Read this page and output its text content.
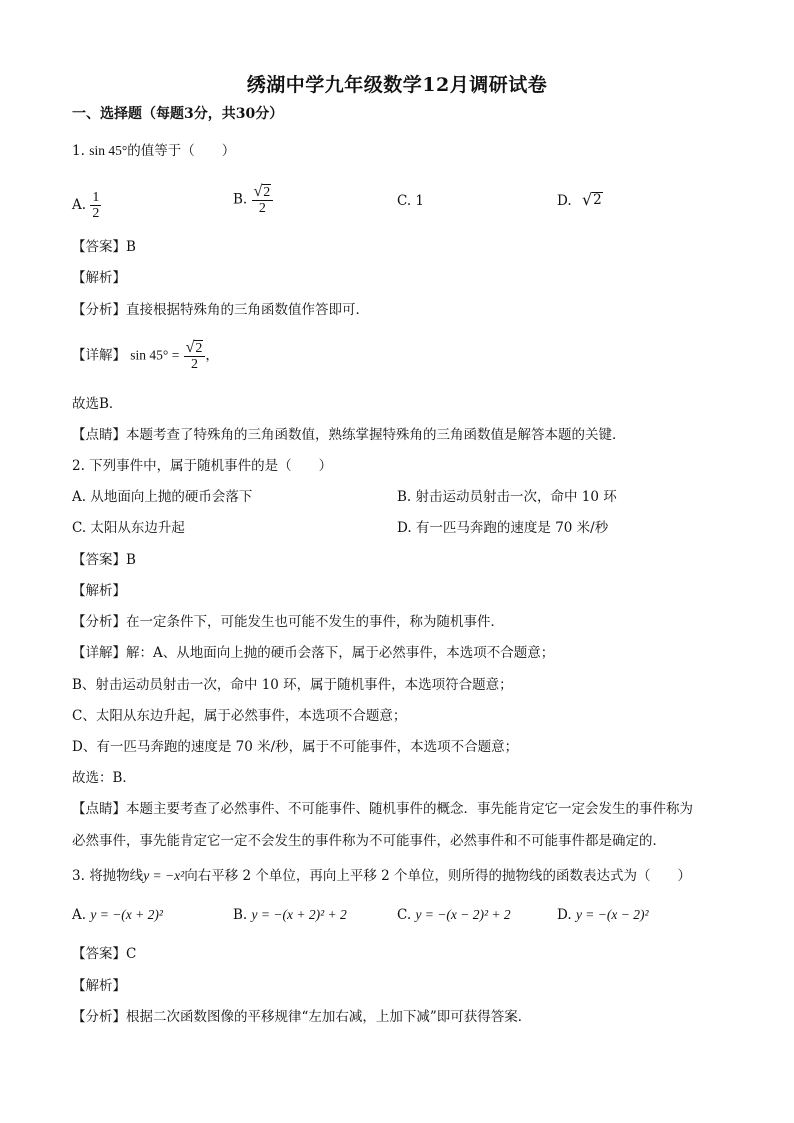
绣湖中学九年级数学12月调研试卷
一、选择题（每题3分，共30分）
1. sin 45°的值等于（　　）
A. $\frac{1}{2}$	B. $\frac{√ 2}{2}$	C. 1	D. √ 2
【答案】B
【解析】
【分析】直接根据特殊角的三角函数值作答即可．
【详解】 $\sin 45^\circ = \frac{√ 2}{2}$ ，
故选B．
【点睛】本题考查了特殊角的三角函数值，熟练掌握特殊角的三角函数值是解答本题的关键．
2. 下列事件中，属于随机事件的是（　　）
A. 从地面向上抛的硬币会落下	B. 射击运动员射击一次，命中 10 环
C. 太阳从东边升起	D. 有一匹马奔跑的速度是 70 米/秒
【答案】B
【解析】
【分析】在一定条件下，可能发生也可能不发生的事件，称为随机事件．
【详解】解：A、从地面向上抛的硬币会落下，属于必然事件，本选项不合题意；
B、射击运动员射击一次，命中 10 环，属于随机事件，本选项符合题意；
C、太阳从东边升起，属于必然事件，本选项不合题意；
D、有一匹马奔跑的速度是 70 米/秒，属于不可能事件，本选项不合题意；
故选：B．
【点睛】本题主要考查了必然事件、不可能事件、随机事件的概念．事先能肯定它一定会发生的事件称为
必然事件，事先能肯定它一定不会发生的事件称为不可能事件，必然事件和不可能事件都是确定的．
3. 将抛物线y = −x²向右平移 2 个单位，再向上平移 2 个单位，则所得的抛物线的函数表达式为（　　）
A. y = −(x + 2)²	B. y = −(x + 2)² + 2	C. y = −(x − 2)² + 2	D. y = −(x − 2)²
【答案】C
【解析】
【分析】根据二次函数图像的平移规律“左加右减，上加下减”即可获得答案．
